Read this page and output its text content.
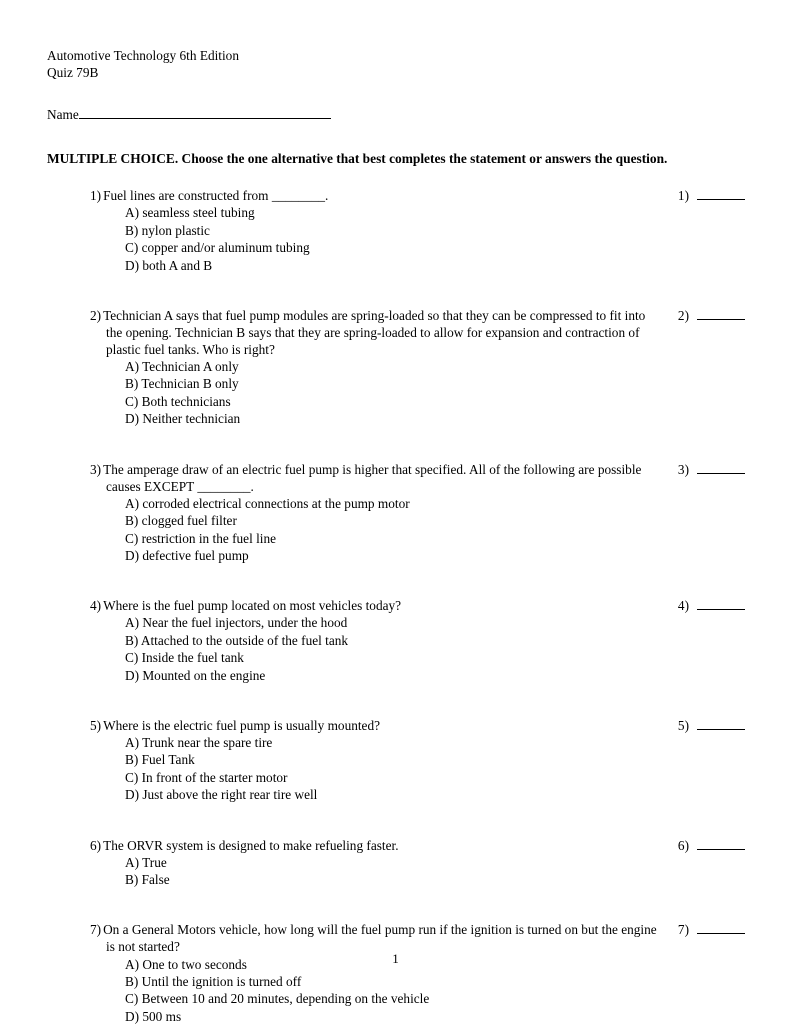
Automotive Technology 6th Edition
Quiz 79B
Name
MULTIPLE CHOICE. Choose the one alternative that best completes the statement or answers the question.
1) Fuel lines are constructed from ________.
A) seamless steel tubing
B) nylon plastic
C) copper and/or aluminum tubing
D) both A and B
1)
2) Technician A says that fuel pump modules are spring-loaded so that they can be compressed to fit into the opening. Technician B says that they are spring-loaded to allow for expansion and contraction of plastic fuel tanks. Who is right?
A) Technician A only
B) Technician B only
C) Both technicians
D) Neither technician
2)
3) The amperage draw of an electric fuel pump is higher that specified. All of the following are possible causes EXCEPT ________.
A) corroded electrical connections at the pump motor
B) clogged fuel filter
C) restriction in the fuel line
D) defective fuel pump
3)
4) Where is the fuel pump located on most vehicles today?
A) Near the fuel injectors, under the hood
B) Attached to the outside of the fuel tank
C) Inside the fuel tank
D) Mounted on the engine
4)
5) Where is the electric fuel pump is usually mounted?
A) Trunk near the spare tire
B) Fuel Tank
C) In front of the starter motor
D) Just above the right rear tire well
5)
6) The ORVR system is designed to make refueling faster.
A) True
B) False
6)
7) On a General Motors vehicle, how long will the fuel pump run if the ignition is turned on but the engine is not started?
A) One to two seconds
B) Until the ignition is turned off
C) Between 10 and 20 minutes, depending on the vehicle
D) 500 ms
7)
1
